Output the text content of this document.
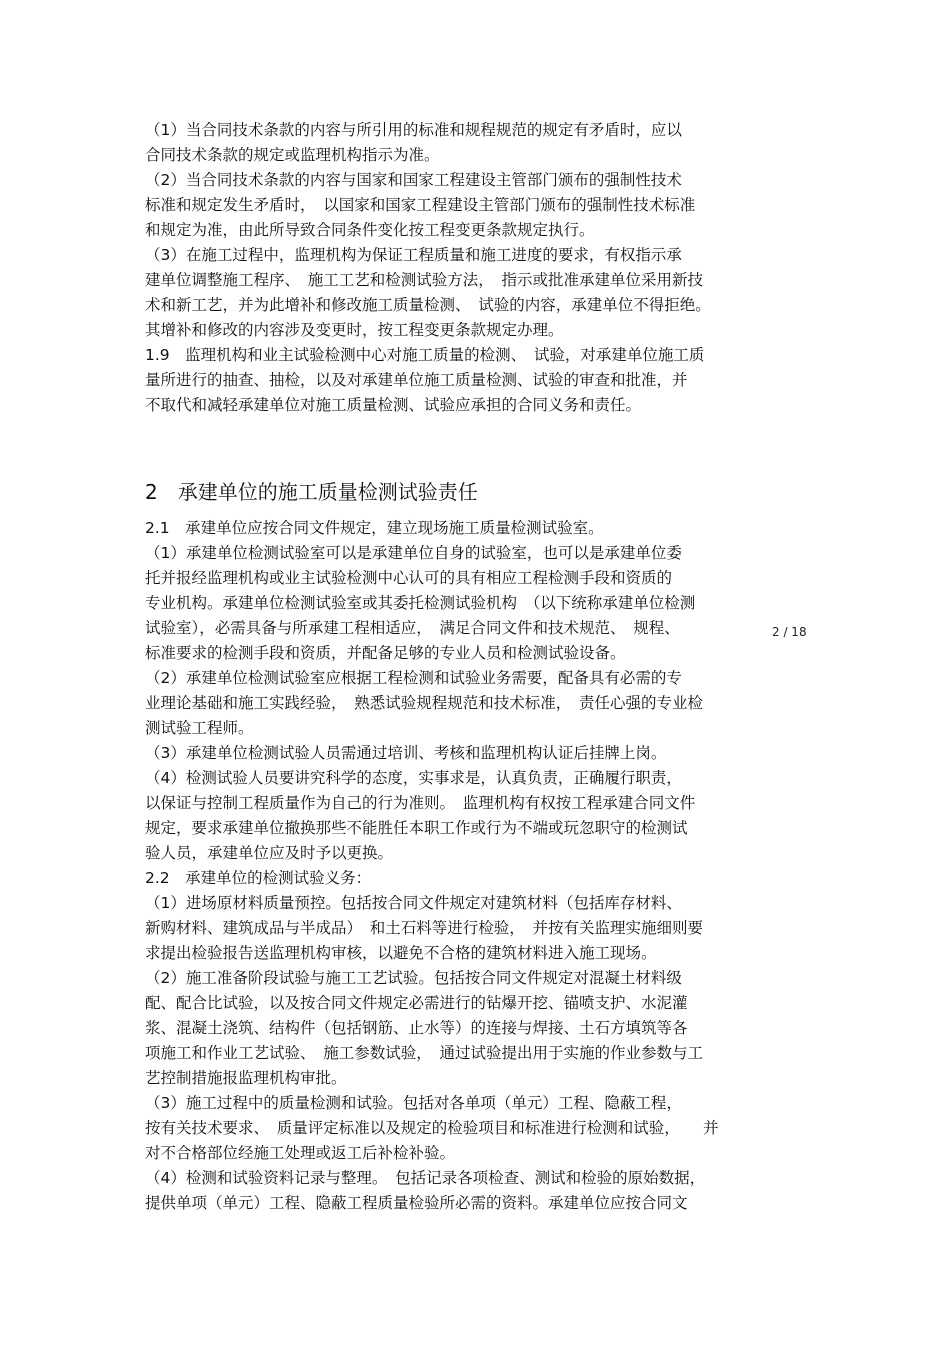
（1）当合同技术条款的内容与所引用的标准和规程规范的规定有矛盾时，应以
合同技术条款的规定或监理机构指示为准。
（2）当合同技术条款的内容与国家和国家工程建设主管部门颁布的强制性技术
标准和规定发生矛盾时，　以国家和国家工程建设主管部门颁布的强制性技术标准
和规定为准，由此所导致合同条件变化按工程变更条款规定执行。
（3）在施工过程中，监理机构为保证工程质量和施工进度的要求，有权指示承
建单位调整施工程序、　施工工艺和检测试验方法，　指示或批准承建单位采用新技
术和新工艺，并为此增补和修改施工质量检测、　试验的内容，承建单位不得拒绝。
其增补和修改的内容涉及变更时，按工程变更条款规定办理。
1.9　监理机构和业主试验检测中心对施工质量的检测、　试验，对承建单位施工质
量所进行的抽查、抽检，以及对承建单位施工质量检测、试验的审查和批准，并
不取代和减轻承建单位对施工质量检测、试验应承担的合同义务和责任。
2　承建单位的施工质量检测试验责任
2.1　承建单位应按合同文件规定，建立现场施工质量检测试验室。
（1）承建单位检测试验室可以是承建单位自身的试验室，也可以是承建单位委
托并报经监理机构或业主试验检测中心认可的具有相应工程检测手段和资质的
专业机构。承建单位检测试验室或其委托检测试验机构　（以下统称承建单位检测
试验室），必需具备与所承建工程相适应，　满足合同文件和技术规范、　规程、
标准要求的检测手段和资质，并配备足够的专业人员和检测试验设备。
（2）承建单位检测试验室应根据工程检测和试验业务需要，配备具有必需的专
业理论基础和施工实践经验，　熟悉试验规程规范和技术标准，　责任心强的专业检
测试验工程师。
（3）承建单位检测试验人员需通过培训、考核和监理机构认证后挂牌上岗。
（4）检测试验人员要讲究科学的态度，实事求是，认真负责，正确履行职责，
以保证与控制工程质量作为自己的行为准则。　监理机构有权按工程承建合同文件
规定，要求承建单位撤换那些不能胜任本职工作或行为不端或玩忽职守的检测试
验人员，承建单位应及时予以更换。
2.2　承建单位的检测试验义务：
（1）进场原材料质量预控。包括按合同文件规定对建筑材料（包括库存材料、
新购材料、建筑成品与半成品）　和土石料等进行检验，　并按有关监理实施细则要
求提出检验报告送监理机构审核，以避免不合格的建筑材料进入施工现场。
（2）施工准备阶段试验与施工工艺试验。包括按合同文件规定对混凝土材料级
配、配合比试验，以及按合同文件规定必需进行的钻爆开挖、锚喷支护、水泥灌
浆、混凝土浇筑、结构件（包括钢筋、止水等）的连接与焊接、土石方填筑等各
项施工和作业工艺试验、　施工参数试验，　通过试验提出用于实施的作业参数与工
艺控制措施报监理机构审批。
（3）施工过程中的质量检测和试验。包括对各单项（单元）工程、隐蔽工程，
按有关技术要求、　质量评定标准以及规定的检验项目和标准进行检测和试验，　　并
对不合格部位经施工处理或返工后补检补验。
（4）检测和试验资料记录与整理。　包括记录各项检查、测试和检验的原始数据，
提供单项（单元）工程、隐蔽工程质量检验所必需的资料。承建单位应按合同文
2 / 18
